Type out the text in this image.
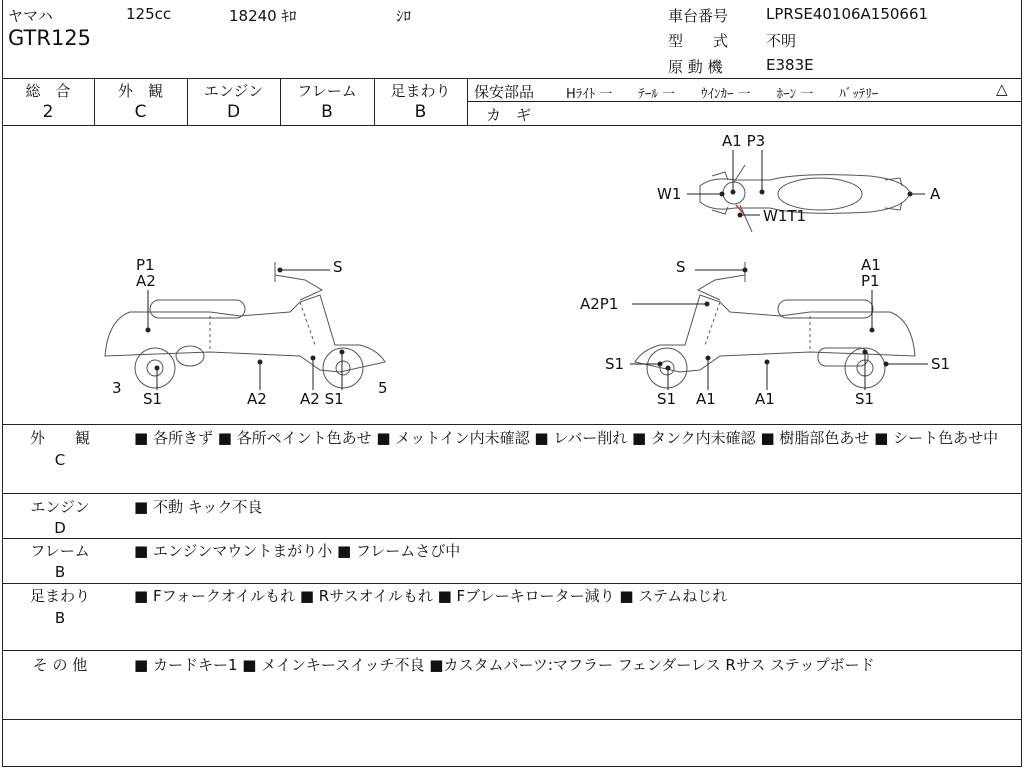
ヤマハ	125cc	18240 ｷﾛ	ｼﾛ
GTR125
車台番号	LPRSE40106A150661
型　　式	不明
原 動 機	E383E
総　合
2
外　観
C
エンジン
D
フレーム
B
足まわり
B
保安部品 Hﾗｲﾄ 一　　ﾃｰﾙ 一　　ｳｲﾝｶｰ 一　　ﾎｰﾝ 一　　ﾊﾞｯﾃﾘｰ	△
カ　ギ
A1 P3
W1	A
W1T1
P1
A2
S
3	5
S1	A2 A2 S1
S	A1
P1
A2P1
S1	S1
S1 A1	A1	S1
外　　観
C
■ 各所きず ■ 各所ペイント色あせ ■ メットイン内未確認 ■ レバー削れ ■ タンク内未確認 ■ 樹脂部色あせ ■ シート色あせ中
エンジン
D
■ 不動 キック不良
フレーム
B
■ エンジンマウントまがり小 ■ フレームさび中
足まわり
B
■ Fフォークオイルもれ ■ Rサスオイルもれ ■ Fブレーキローター減り ■ ステムねじれ
そ の 他	■ カードキー1 ■ メインキースイッチ不良 ■カスタムパーツ:マフラー フェンダーレス Rサス ステップボード
